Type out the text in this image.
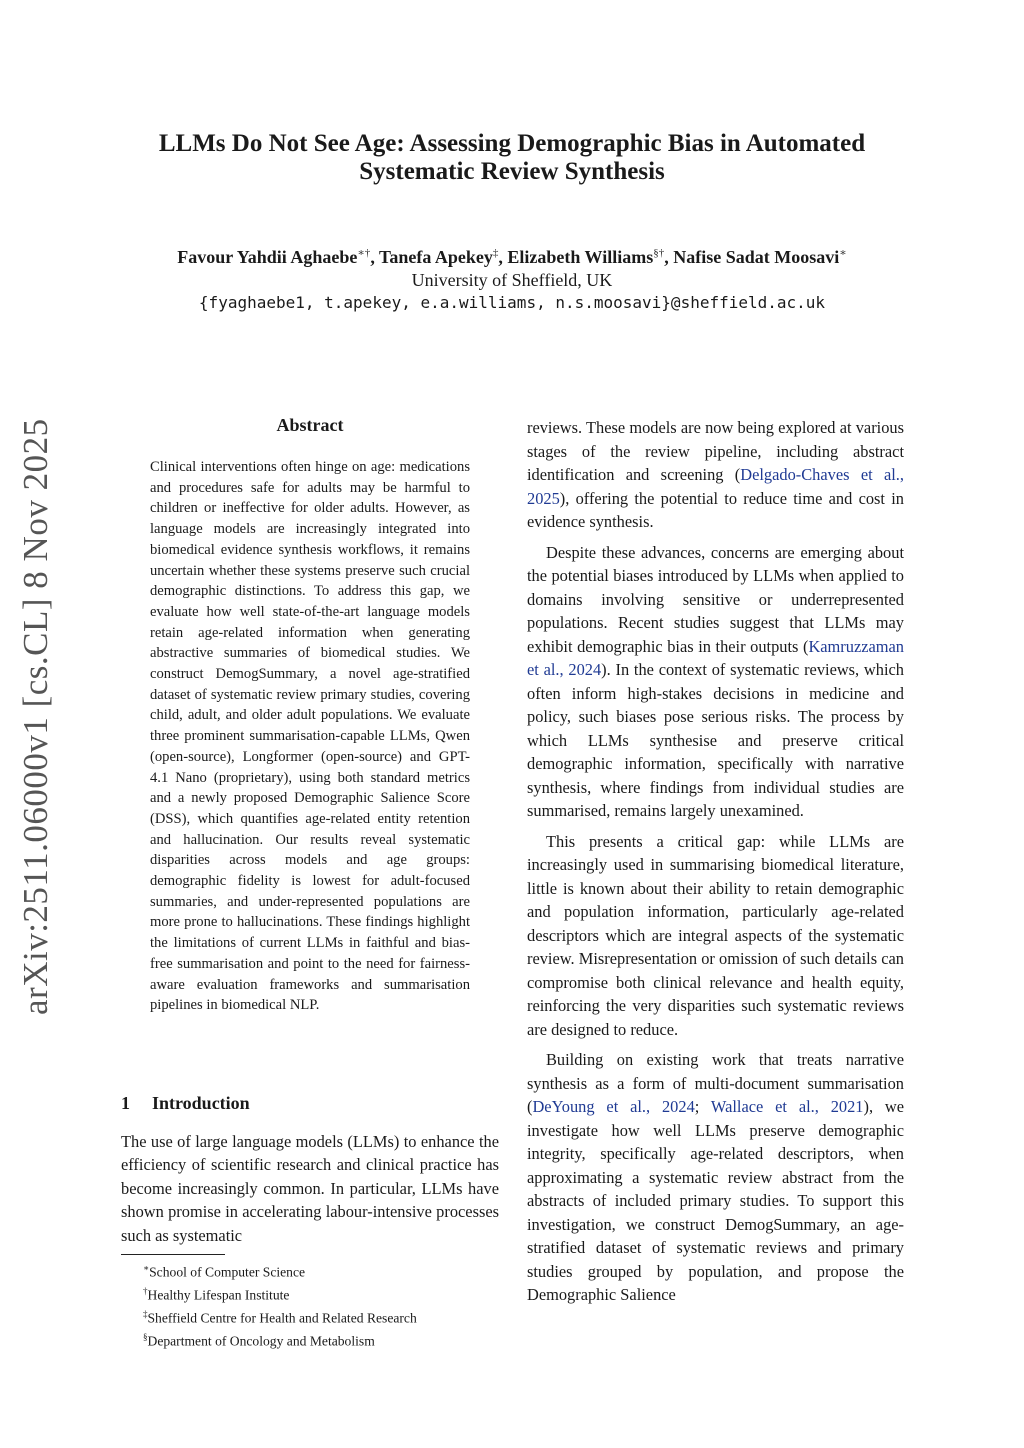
arXiv:2511.06000v1 [cs.CL] 8 Nov 2025
LLMs Do Not See Age: Assessing Demographic Bias in Automated
Systematic Review Synthesis
Favour Yahdii Aghaebe∗†, Tanefa Apekey‡, Elizabeth Williams§†, Nafise Sadat Moosavi∗
University of Sheffield, UK
{fyaghaebe1, t.apekey, e.a.williams, n.s.moosavi}@sheffield.ac.uk
Abstract
Clinical interventions often hinge on age: medications and procedures safe for adults may be harmful to children or ineffective for older adults. However, as language models are increasingly integrated into biomedical evidence synthesis workflows, it remains uncertain whether these systems preserve such crucial demographic distinctions. To address this gap, we evaluate how well state-of-the-art language models retain age-related information when generating abstractive summaries of biomedical studies. We construct DemogSummary, a novel age-stratified dataset of systematic review primary studies, covering child, adult, and older adult populations. We evaluate three prominent summarisation-capable LLMs, Qwen (open-source), Longformer (open-source) and GPT-4.1 Nano (proprietary), using both standard metrics and a newly proposed Demographic Salience Score (DSS), which quantifies age-related entity retention and hallucination. Our results reveal systematic disparities across models and age groups: demographic fidelity is lowest for adult-focused summaries, and under-represented populations are more prone to hallucinations. These findings highlight the limitations of current LLMs in faithful and bias-free summarisation and point to the need for fairness-aware evaluation frameworks and summarisation pipelines in biomedical NLP.
1 Introduction
The use of large language models (LLMs) to enhance the efficiency of scientific research and clinical practice has become increasingly common. In particular, LLMs have shown promise in accelerating labour-intensive processes such as systematic
∗School of Computer Science
†Healthy Lifespan Institute
‡Sheffield Centre for Health and Related Research
§Department of Oncology and Metabolism

reviews. These models are now being explored at various stages of the review pipeline, including abstract identification and screening (Delgado-Chaves et al., 2025), offering the potential to reduce time and cost in evidence synthesis.

Despite these advances, concerns are emerging about the potential biases introduced by LLMs when applied to domains involving sensitive or underrepresented populations. Recent studies suggest that LLMs may exhibit demographic bias in their outputs (Kamruzzaman et al., 2024). In the context of systematic reviews, which often inform high-stakes decisions in medicine and policy, such biases pose serious risks. The process by which LLMs synthesise and preserve critical demographic information, specifically with narrative synthesis, where findings from individual studies are summarised, remains largely unexamined.

This presents a critical gap: while LLMs are increasingly used in summarising biomedical literature, little is known about their ability to retain demographic and population information, particularly age-related descriptors which are integral aspects of the systematic review. Misrepresentation or omission of such details can compromise both clinical relevance and health equity, reinforcing the very disparities such systematic reviews are designed to reduce.

Building on existing work that treats narrative synthesis as a form of multi-document summarisation (DeYoung et al., 2024; Wallace et al., 2021), we investigate how well LLMs preserve demographic integrity, specifically age-related descriptors, when approximating a systematic review abstract from the abstracts of included primary studies. To support this investigation, we construct DemogSummary, an age-stratified dataset of systematic reviews and primary studies grouped by population, and propose the Demographic Salience
